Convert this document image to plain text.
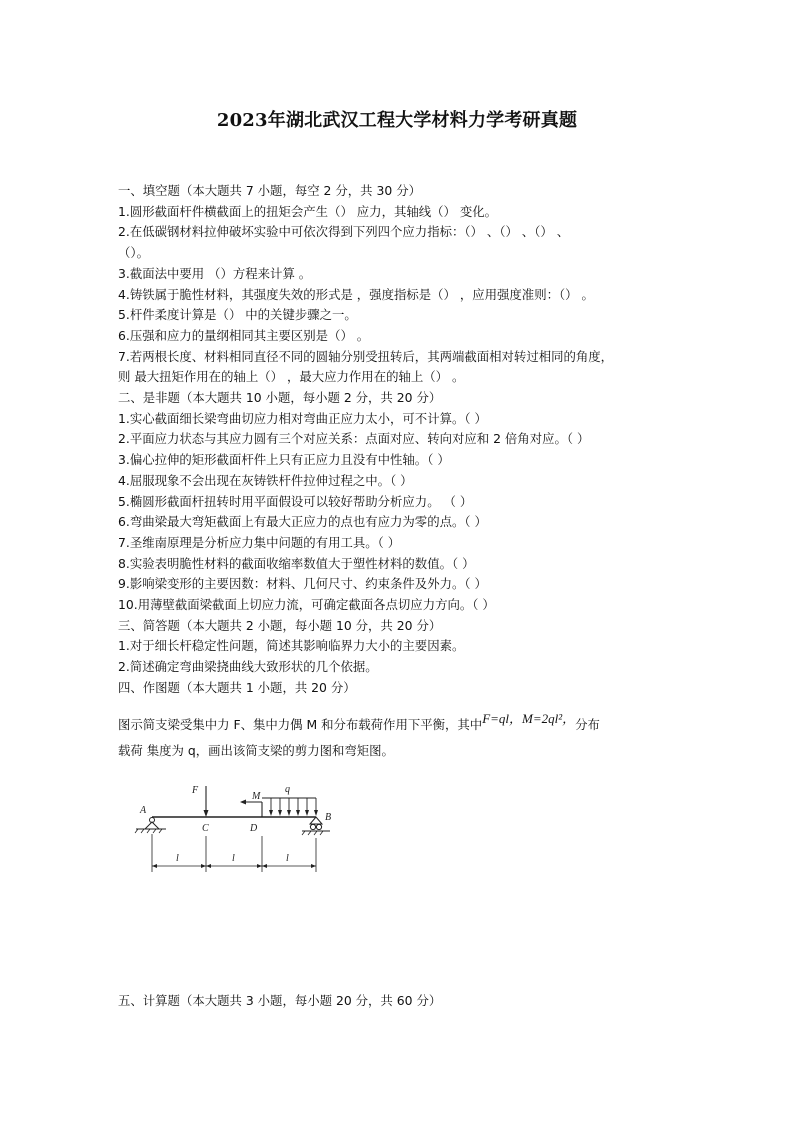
2023年湖北武汉工程大学材料力学考研真题
一、填空题（本大题共 7 小题，每空 2 分，共 30 分）
1.圆形截面杆件横截面上的扭矩会产生（） 应力，其轴线（） 变化。
2.在低碳钢材料拉伸破坏实验中可依次得到下列四个应力指标：（） 、（） 、（） 、
（）。
3.截面法中要用 （）方程来计算 。
4.铸铁属于脆性材料，其强度失效的形式是 ，强度指标是（） ，应用强度准则：（） 。
5.杆件柔度计算是（） 中的关键步骤之一。
6.压强和应力的量纲相同其主要区别是（） 。
7.若两根长度、材料相同直径不同的圆轴分别受扭转后，其两端截面相对转过相同的角度，
则 最大扭矩作用在的轴上（） ，最大应力作用在的轴上（） 。
二、是非题（本大题共 10 小题，每小题 2 分，共 20 分）
1.实心截面细长梁弯曲切应力相对弯曲正应力太小，可不计算。（ ）
2.平面应力状态与其应力圆有三个对应关系：点面对应、转向对应和 2 倍角对应。（ ）
3.偏心拉伸的矩形截面杆件上只有正应力且没有中性轴。（ ）
4.屈服现象不会出现在灰铸铁杆件拉伸过程之中。（ ）
5.椭圆形截面杆扭转时用平面假设可以较好帮助分析应力。 （ ）
6.弯曲梁最大弯矩截面上有最大正应力的点也有应力为零的点。（ ）
7.圣维南原理是分析应力集中问题的有用工具。（ ）
8.实验表明脆性材料的截面收缩率数值大于塑性材料的数值。（ ）
9.影响梁变形的主要因数：材料、几何尺寸、约束条件及外力。（ ）
10.用薄壁截面梁截面上切应力流，可确定截面各点切应力方向。（ ）
三、简答题（本大题共 2 小题，每小题 10 分，共 20 分）
1.对于细长杆稳定性问题，简述其影响临界力大小的主要因素。
2.简述确定弯曲梁挠曲线大致形状的几个依据。
四、作图题（本大题共 1 小题，共 20 分）
图示简支梁受集中力 F、集中力偶 M 和分布载荷作用下平衡，其中F=ql，M=2ql²，分布
载荷 集度为 q，画出该简支梁的剪力图和弯矩图。
A
B
C	D
F
M
q
l	l	l
五、计算题（本大题共 3 小题，每小题 20 分，共 60 分）
